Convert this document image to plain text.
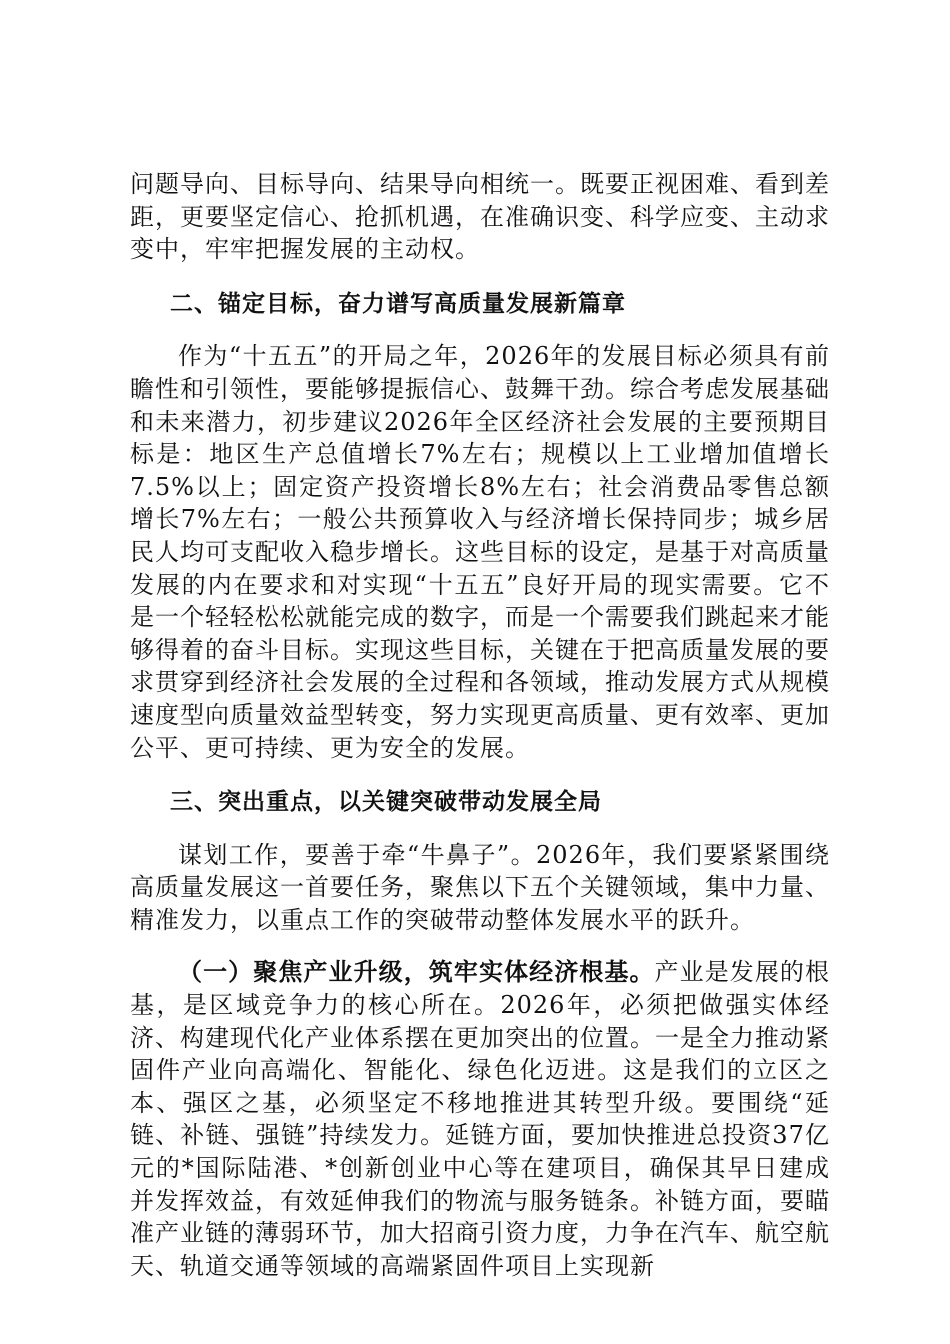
问题导向、目标导向、结果导向相统一。既要正视困难、看到差距，更要坚定信心、抢抓机遇，在准确识变、科学应变、主动求变中，牢牢把握发展的主动权。

二、锚定目标，奋力谱写高质量发展新篇章

作为“十五五”的开局之年，2026年的发展目标必须具有前瞻性和引领性，要能够提振信心、鼓舞干劲。综合考虑发展基础和未来潜力，初步建议2026年全区经济社会发展的主要预期目标是：地区生产总值增长7%左右；规模以上工业增加值增长7.5%以上；固定资产投资增长8%左右；社会消费品零售总额增长7%左右；一般公共预算收入与经济增长保持同步；城乡居民人均可支配收入稳步增长。这些目标的设定，是基于对高质量发展的内在要求和对实现“十五五”良好开局的现实需要。它不是一个轻轻松松就能完成的数字，而是一个需要我们跳起来才能够得着的奋斗目标。实现这些目标，关键在于把高质量发展的要求贯穿到经济社会发展的全过程和各领域，推动发展方式从规模速度型向质量效益型转变，努力实现更高质量、更有效率、更加公平、更可持续、更为安全的发展。

三、突出重点，以关键突破带动发展全局

谋划工作，要善于牵“牛鼻子”。2026年，我们要紧紧围绕高质量发展这一首要任务，聚焦以下五个关键领域，集中力量、精准发力，以重点工作的突破带动整体发展水平的跃升。

（一）聚焦产业升级，筑牢实体经济根基。产业是发展的根基，是区域竞争力的核心所在。2026年，必须把做强实体经济、构建现代化产业体系摆在更加突出的位置。一是全力推动紧固件产业向高端化、智能化、绿色化迈进。这是我们的立区之本、强区之基，必须坚定不移地推进其转型升级。要围绕“延链、补链、强链”持续发力。延链方面，要加快推进总投资37亿元的*国际陆港、*创新创业中心等在建项目，确保其早日建成并发挥效益，有效延伸我们的物流与服务链条。补链方面，要瞄准产业链的薄弱环节，加大招商引资力度，力争在汽车、航空航天、轨道交通等领域的高端紧固件项目上实现新
